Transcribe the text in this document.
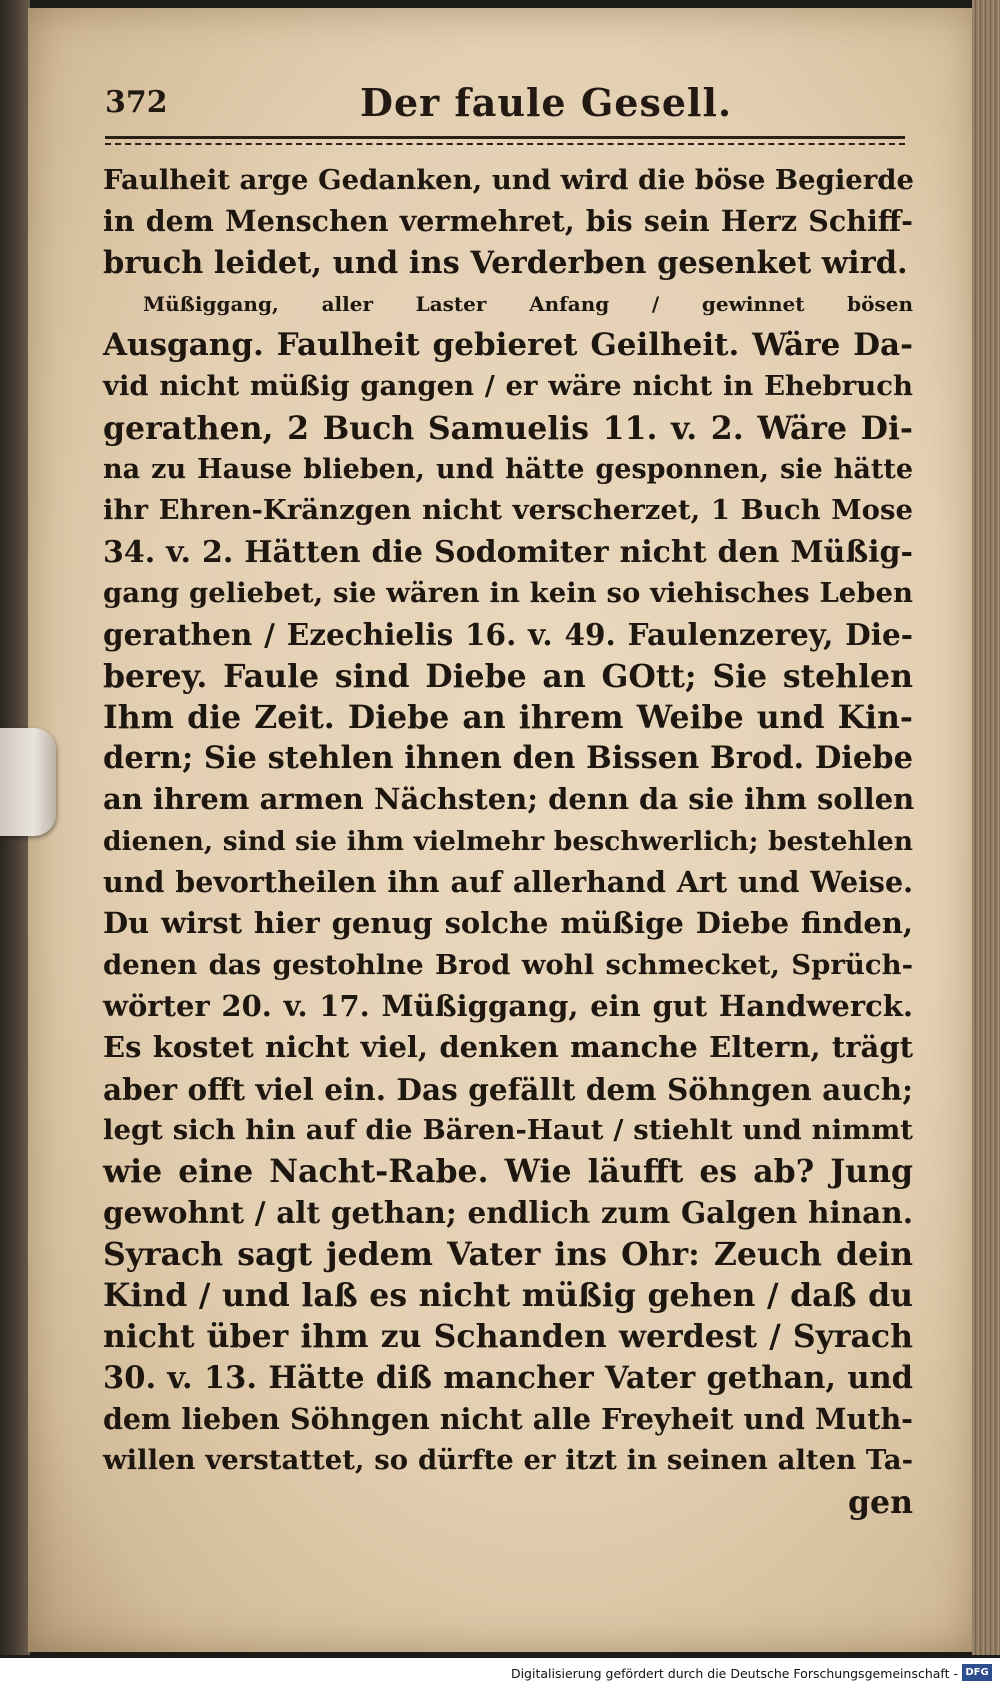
372	Der faule Gesell.
Faulheit arge Gedanken, und wird die böse Begierde
in dem Menschen vermehret, bis sein Herz Schiff-
bruch leidet, und ins Verderben gesenket wird.
Müßiggang, aller Laster Anfang / gewinnet bösen
Ausgang. Faulheit gebieret Geilheit. Wäre Da-
vid nicht müßig gangen / er wäre nicht in Ehebruch
gerathen, 2 Buch Samuelis 11. v. 2. Wäre Di-
na zu Hause blieben, und hätte gesponnen, sie hätte
ihr Ehren-Kränzgen nicht verscherzet, 1 Buch Mose
34. v. 2. Hätten die Sodomiter nicht den Müßig-
gang geliebet, sie wären in kein so viehisches Leben
gerathen / Ezechielis 16. v. 49. Faulenzerey, Die-
berey. Faule sind Diebe an GOtt; Sie stehlen
Ihm die Zeit. Diebe an ihrem Weibe und Kin-
dern; Sie stehlen ihnen den Bissen Brod. Diebe
an ihrem armen Nächsten; denn da sie ihm sollen
dienen, sind sie ihm vielmehr beschwerlich; bestehlen
und bevortheilen ihn auf allerhand Art und Weise.
Du wirst hier genug solche müßige Diebe finden,
denen das gestohlne Brod wohl schmecket, Sprüch-
wörter 20. v. 17. Müßiggang, ein gut Handwerck.
Es kostet nicht viel, denken manche Eltern, trägt
aber offt viel ein. Das gefällt dem Söhngen auch;
legt sich hin auf die Bären-Haut / stiehlt und nimmt
wie eine Nacht-Rabe. Wie läufft es ab? Jung
gewohnt / alt gethan; endlich zum Galgen hinan.
Syrach sagt jedem Vater ins Ohr: Zeuch dein
Kind / und laß es nicht müßig gehen / daß du
nicht über ihm zu Schanden werdest / Syrach
30. v. 13. Hätte diß mancher Vater gethan, und
dem lieben Söhngen nicht alle Freyheit und Muth-
willen verstattet, so dürfte er itzt in seinen alten Ta-
gen
Digitalisierung gefördert durch die Deutsche Forschungsgemeinschaft - DFG
